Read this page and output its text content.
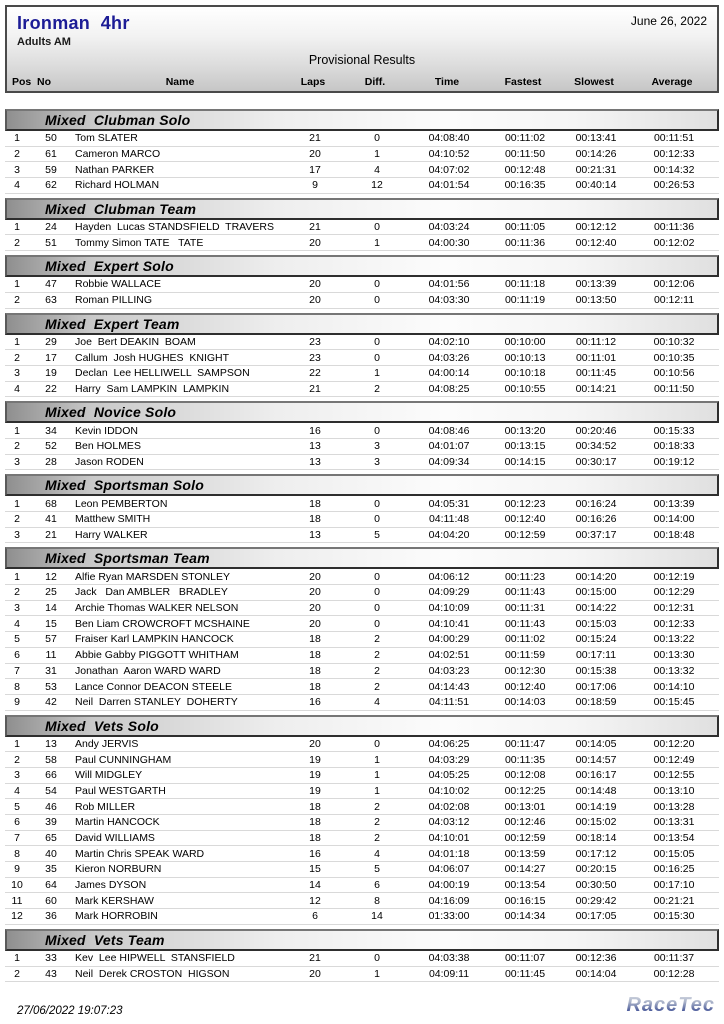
Ironman  4hr	June 26, 2022
Adults AM
Provisional Results
Pos No	Name	Laps	Diff.	Time	Fastest	Slowest	Average
Mixed  Clubman Solo
1	50	Tom SLATER	21	0	04:08:40	00:11:02	00:13:41	00:11:51
2	61	Cameron MARCO	20	1	04:10:52	00:11:50	00:14:26	00:12:33
3	59	Nathan PARKER	17	4	04:07:02	00:12:48	00:21:31	00:14:32
4	62	Richard HOLMAN	9	12	04:01:54	00:16:35	00:40:14	00:26:53
Mixed  Clubman Team
1	24	Hayden  Lucas STANDSFIELD  TRAVERS	21	0	04:03:24	00:11:05	00:12:12	00:11:36
2	51	Tommy Simon TATE   TATE	20	1	04:00:30	00:11:36	00:12:40	00:12:02
Mixed  Expert Solo
1	47	Robbie WALLACE	20	0	04:01:56	00:11:18	00:13:39	00:12:06
2	63	Roman PILLING	20	0	04:03:30	00:11:19	00:13:50	00:12:11
Mixed  Expert Team
1	29	Joe  Bert DEAKIN  BOAM	23	0	04:02:10	00:10:00	00:11:12	00:10:32
2	17	Callum  Josh HUGHES  KNIGHT	23	0	04:03:26	00:10:13	00:11:01	00:10:35
3	19	Declan  Lee HELLIWELL  SAMPSON	22	1	04:00:14	00:10:18	00:11:45	00:10:56
4	22	Harry  Sam LAMPKIN  LAMPKIN	21	2	04:08:25	00:10:55	00:14:21	00:11:50
Mixed  Novice Solo
1	34	Kevin IDDON	16	0	04:08:46	00:13:20	00:20:46	00:15:33
2	52	Ben HOLMES	13	3	04:01:07	00:13:15	00:34:52	00:18:33
3	28	Jason RODEN	13	3	04:09:34	00:14:15	00:30:17	00:19:12
Mixed  Sportsman Solo
1	68	Leon PEMBERTON	18	0	04:05:31	00:12:23	00:16:24	00:13:39
2	41	Matthew SMITH	18	0	04:11:48	00:12:40	00:16:26	00:14:00
3	21	Harry WALKER	13	5	04:04:20	00:12:59	00:37:17	00:18:48
Mixed  Sportsman Team
1	12	Alfie Ryan MARSDEN STONLEY	20	0	04:06:12	00:11:23	00:14:20	00:12:19
2	25	Jack   Dan AMBLER   BRADLEY	20	0	04:09:29	00:11:43	00:15:00	00:12:29
3	14	Archie Thomas WALKER NELSON	20	0	04:10:09	00:11:31	00:14:22	00:12:31
4	15	Ben Liam CROWCROFT MCSHAINE	20	0	04:10:41	00:11:43	00:15:03	00:12:33
5	57	Fraiser Karl LAMPKIN HANCOCK	18	2	04:00:29	00:11:02	00:15:24	00:13:22
6	11	Abbie Gabby PIGGOTT WHITHAM	18	2	04:02:51	00:11:59	00:17:11	00:13:30
7	31	Jonathan  Aaron WARD WARD	18	2	04:03:23	00:12:30	00:15:38	00:13:32
8	53	Lance Connor DEACON STEELE	18	2	04:14:43	00:12:40	00:17:06	00:14:10
9	42	Neil  Darren STANLEY  DOHERTY	16	4	04:11:51	00:14:03	00:18:59	00:15:45
Mixed  Vets Solo
1	13	Andy JERVIS	20	0	04:06:25	00:11:47	00:14:05	00:12:20
2	58	Paul CUNNINGHAM	19	1	04:03:29	00:11:35	00:14:57	00:12:49
3	66	Will MIDGLEY	19	1	04:05:25	00:12:08	00:16:17	00:12:55
4	54	Paul WESTGARTH	19	1	04:10:02	00:12:25	00:14:48	00:13:10
5	46	Rob MILLER	18	2	04:02:08	00:13:01	00:14:19	00:13:28
6	39	Martin HANCOCK	18	2	04:03:12	00:12:46	00:15:02	00:13:31
7	65	David WILLIAMS	18	2	04:10:01	00:12:59	00:18:14	00:13:54
8	40	Martin Chris SPEAK WARD	16	4	04:01:18	00:13:59	00:17:12	00:15:05
9	35	Kieron NORBURN	15	5	04:06:07	00:14:27	00:20:15	00:16:25
10	64	James DYSON	14	6	04:00:19	00:13:54	00:30:50	00:17:10
11	60	Mark KERSHAW	12	8	04:16:09	00:16:15	00:29:42	00:21:21
12	36	Mark HORROBIN	6	14	01:33:00	00:14:34	00:17:05	00:15:30
Mixed  Vets Team
1	33	Kev  Lee HIPWELL  STANSFIELD	21	0	04:03:38	00:11:07	00:12:36	00:11:37
2	43	Neil  Derek CROSTON  HIGSON	20	1	04:09:11	00:11:45	00:14:04	00:12:28
27/06/2022 19:07:23	RaceTec
